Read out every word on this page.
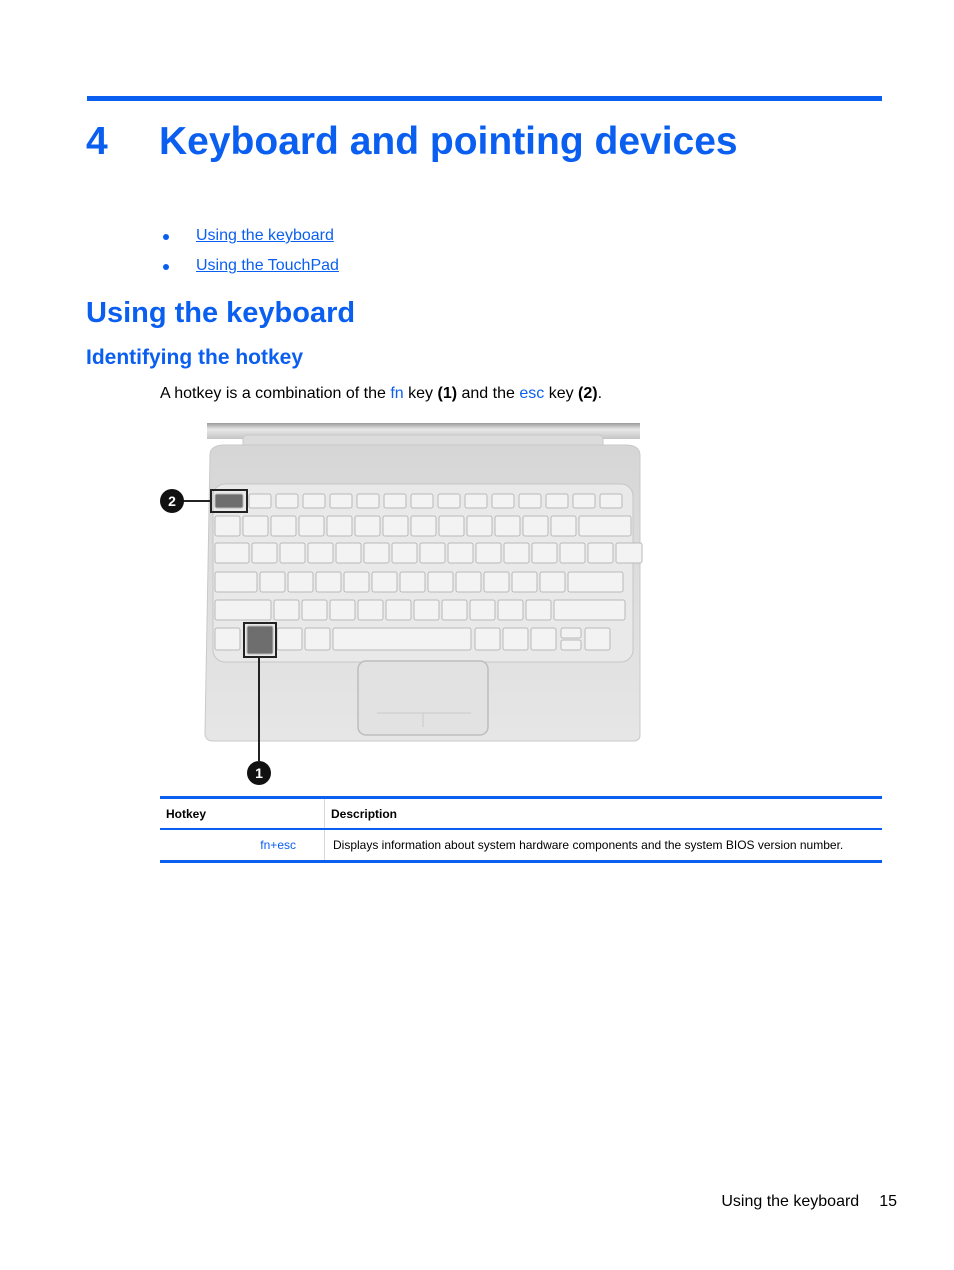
4 Keyboard and pointing devices
Using the keyboard
Using the TouchPad
Using the keyboard
Identifying the hotkey
A hotkey is a combination of the fn key (1) and the esc key (2).
2
1
Hotkey	Description
fn+esc	Displays information about system hardware components and the system BIOS version number.
Using the keyboard 15
